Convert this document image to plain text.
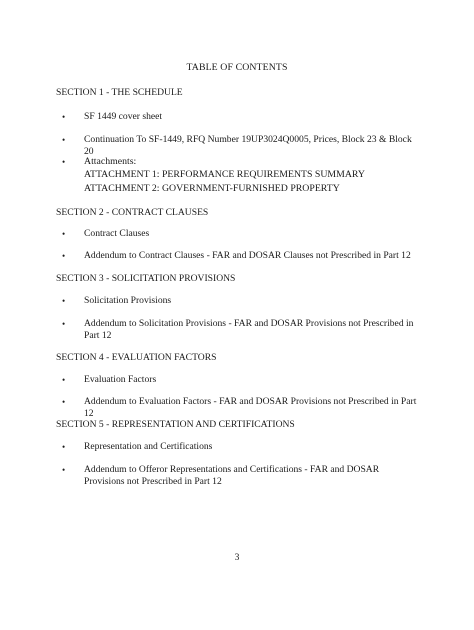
TABLE OF CONTENTS
SECTION 1 - THE SCHEDULE
•	SF 1449 cover sheet
•	Continuation To SF-1449, RFQ Number 19UP3024Q0005, Prices, Block 23 & Block 20
•	Attachments:
ATTACHMENT 1: PERFORMANCE REQUIREMENTS SUMMARY
ATTACHMENT 2: GOVERNMENT-FURNISHED PROPERTY
SECTION 2 - CONTRACT CLAUSES
•	Contract Clauses
•	Addendum to Contract Clauses - FAR and DOSAR Clauses not Prescribed in Part 12
SECTION 3 - SOLICITATION PROVISIONS
•	Solicitation Provisions
•	Addendum to Solicitation Provisions - FAR and DOSAR Provisions not Prescribed in Part 12
SECTION 4 - EVALUATION FACTORS
•	Evaluation Factors
•	Addendum to Evaluation Factors - FAR and DOSAR Provisions not Prescribed in Part 12
SECTION 5 - REPRESENTATION AND CERTIFICATIONS
•	Representation and Certifications
•	Addendum to Offeror Representations and Certifications - FAR and DOSAR Provisions not Prescribed in Part 12
3
